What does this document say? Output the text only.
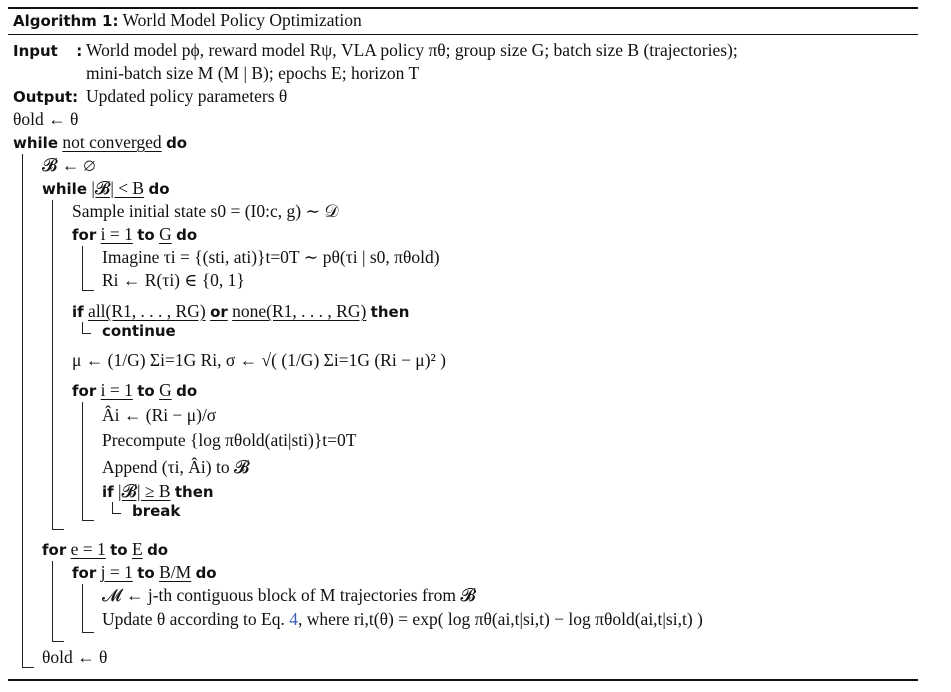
Algorithm 1: World Model Policy Optimization
Input : World model pϕ, reward model Rψ, VLA policy πθ; group size G; batch size B (trajectories);
mini-batch size M (M | B); epochs E; horizon T
Output: Updated policy parameters θ
θold ← θ
while not converged do
𝓑 ← ∅
while |𝓑| < B do
Sample initial state s0 = (I0:c, g) ∼ 𝒟
for i = 1 to G do
Imagine τi = {(sti, ati)}t=0T ∼ pθ(τi | s0, πθold)
Ri ← R(τi) ∈ {0, 1}
if all(R1, . . . , RG) or none(R1, . . . , RG) then
continue
μ ← (1/G) Σi=1G Ri, σ ← √( (1/G) Σi=1G (Ri − μ)² )
for i = 1 to G do
Âi ← (Ri − μ)/σ
Precompute {log πθold(ati|sti)}t=0T
Append (τi, Âi) to 𝓑
if |𝓑| ≥ B then
break
for e = 1 to E do
for j = 1 to B/M do
𝓜 ← j-th contiguous block of M trajectories from 𝓑
Update θ according to Eq. 4, where ri,t(θ) = exp( log πθ(ai,t|si,t) − log πθold(ai,t|si,t) )
θold ← θ
